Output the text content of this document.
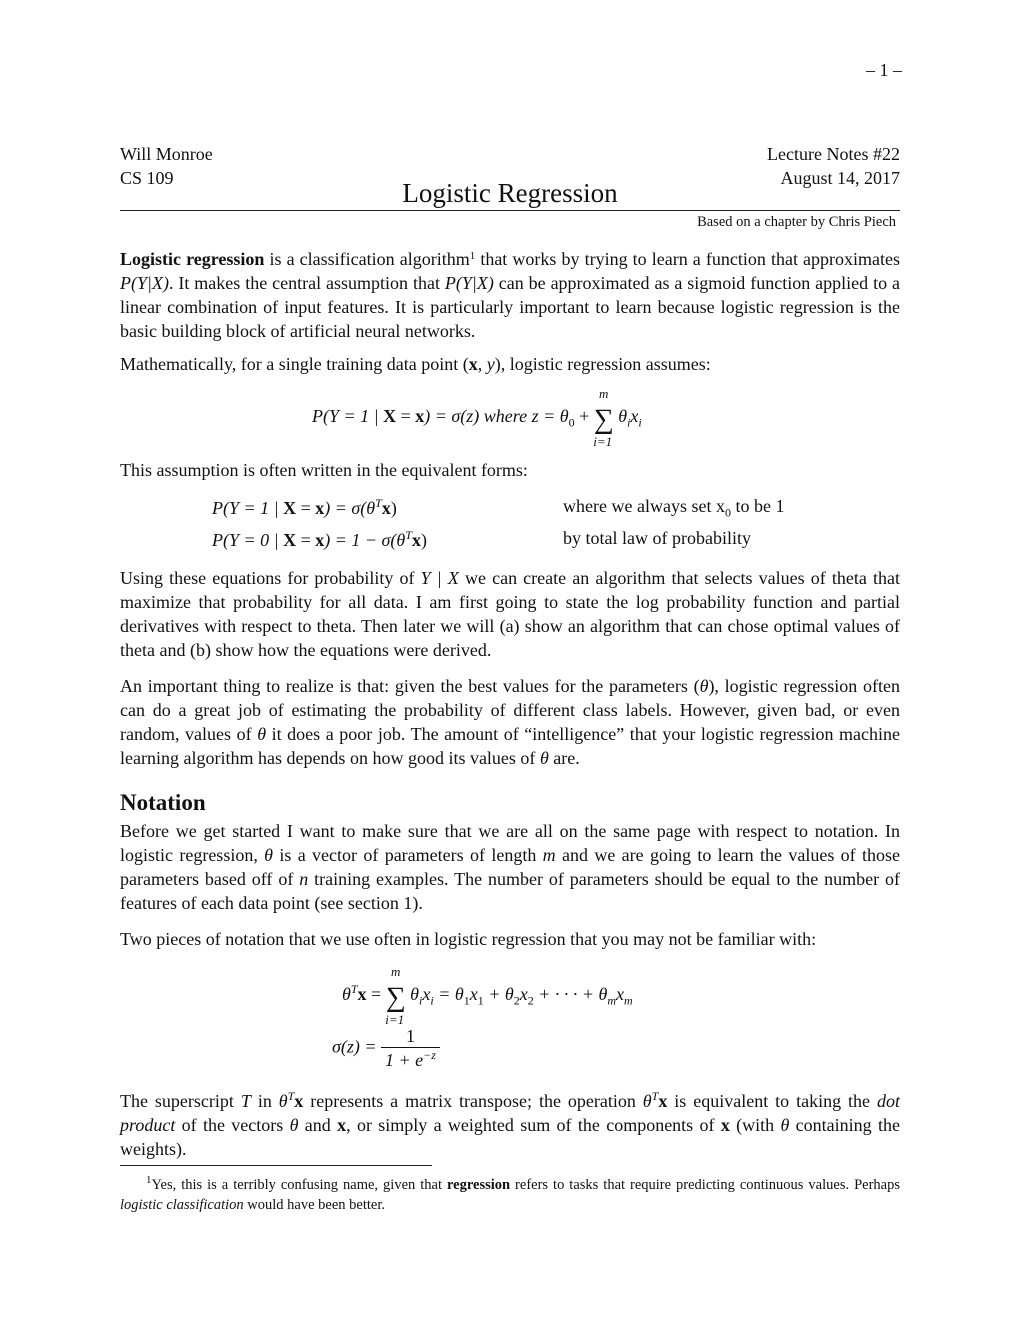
– 1 –
Will Monroe
CS 109
Lecture Notes #22
August 14, 2017
Logistic Regression
Based on a chapter by Chris Piech

Logistic regression is a classification algorithm$^1$ that works by trying to learn a function that approximates P(Y|X). It makes the central assumption that P(Y|X) can be approximated as a sigmoid function applied to a linear combination of input features. It is particularly important to learn because logistic regression is the basic building block of artificial neural networks.

Mathematically, for a single training data point (x, y), logistic regression assumes:

P(Y = 1 | X = x) = σ(z) where $z = \theta_0$ + ∑
m
i=1
$\theta_ix_i$

This assumption is often written in the equivalent forms:

P(Y = 1 | $X = x) = \sigma(\theta^Tx)$	where we always set $x_0$ to be 1
P(Y = 0 | $X = x) = 1 - \sigma(\theta^Tx)$	by total law of probability

Using these equations for probability of Y | X we can create an algorithm that selects values of theta that maximize that probability for all data. I am first going to state the log probability function and partial derivatives with respect to theta. Then later we will (a) show an algorithm that can chose optimal values of theta and (b) show how the equations were derived.

An important thing to realize is that: given the best values for the parameters (θ), logistic regression often can do a great job of estimating the probability of different class labels. However, given bad, or even random, values of θ it does a poor job. The amount of “intelligence” that your logistic regression machine learning algorithm has depends on how good its values of θ are.

Notation

Before we get started I want to make sure that we are all on the same page with respect to notation. In logistic regression, θ is a vector of parameters of length m and we are going to learn the values of those parameters based off of n training examples. The number of parameters should be equal to the number of features of each data point (see section 1).

Two pieces of notation that we use often in logistic regression that you may not be familiar with:

$\theta^Tx$ = ∑
m
i=1
$\theta_ix_i = \theta_1x_1 + \theta_2x_2$ + · · · + $\theta_mx_m$
$\sigma(z) = \frac{1}{1 + e^{-z}}$

The superscript T in $\theta^Tx$ represents a matrix transpose; the operation $\theta^Tx$ is equivalent to taking the dot product of the vectors θ and x, or simply a weighted sum of the components of x (with θ containing the weights).

$^1$Yes, this is a terribly confusing name, given that regression refers to tasks that require predicting continuous values. Perhaps logistic classification would have been better.
